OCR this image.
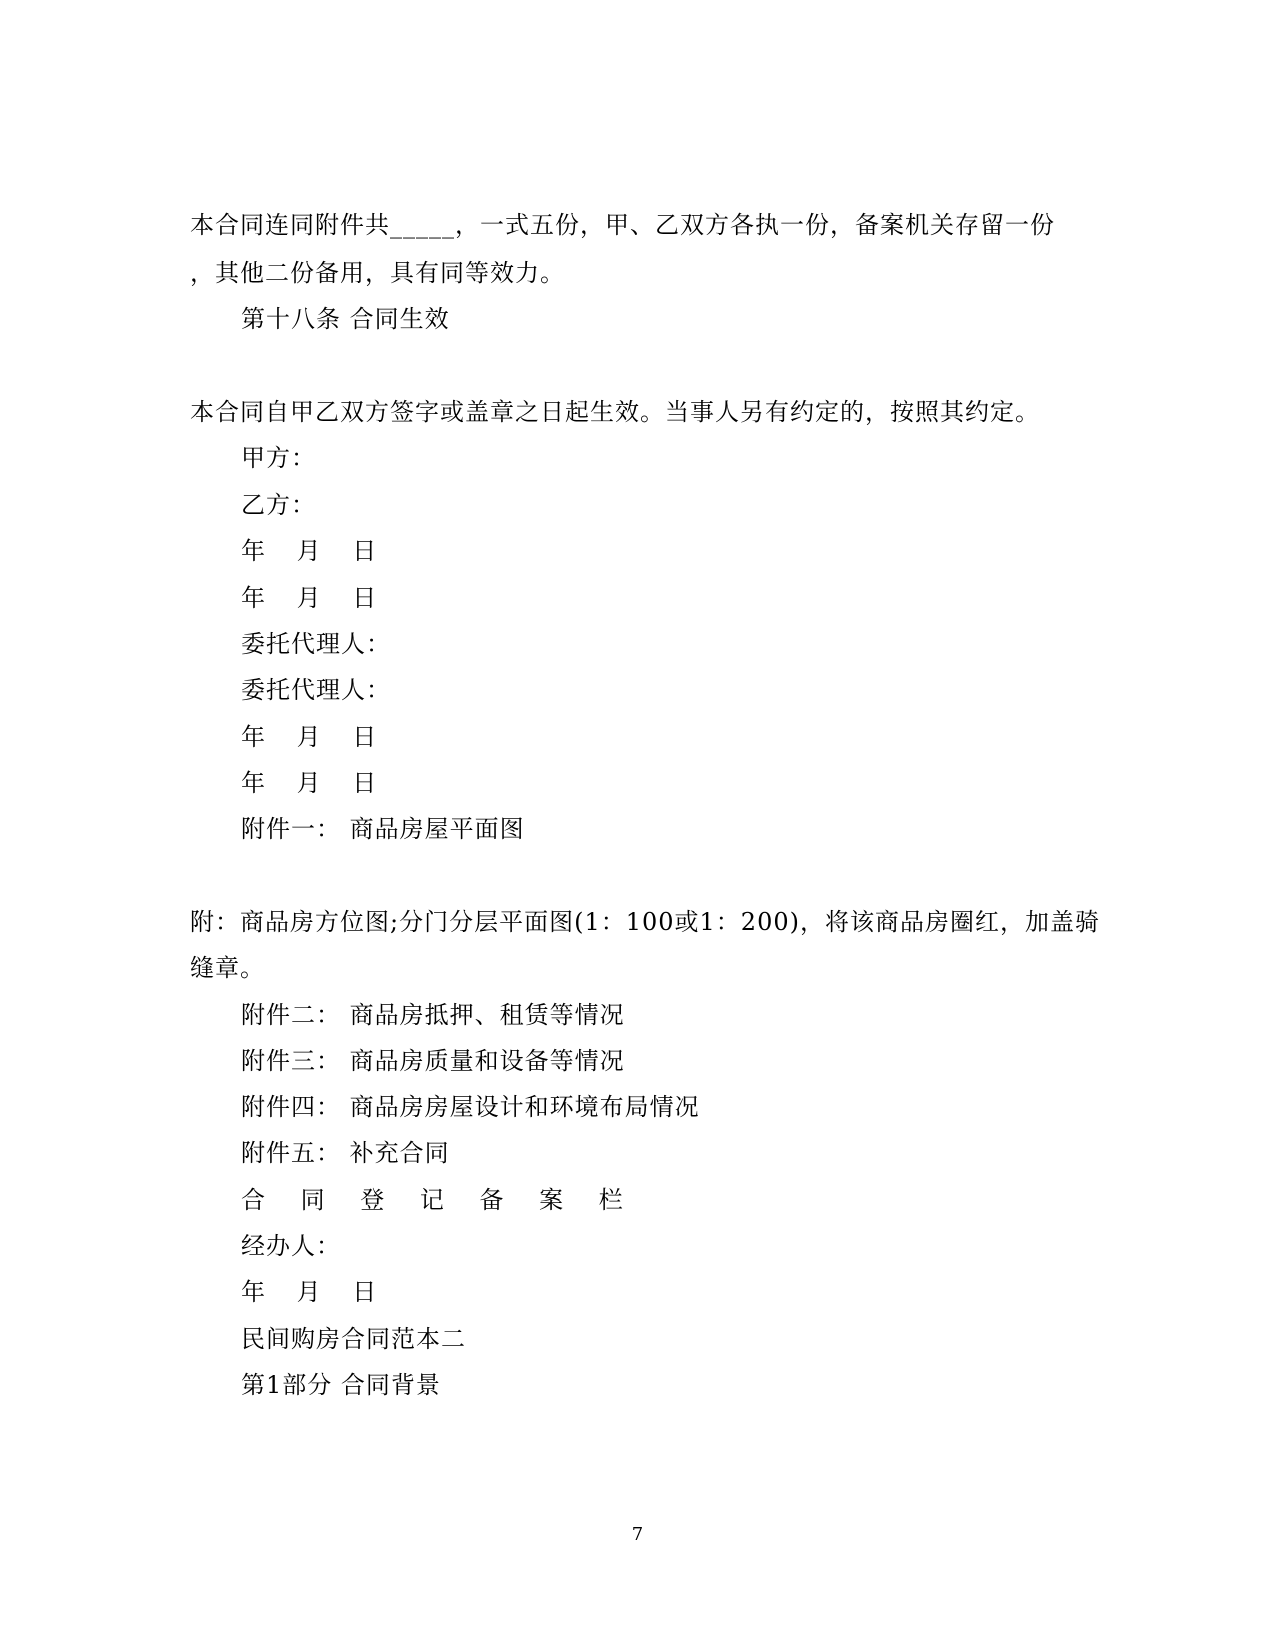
本合同连同附件共_____，一式五份，甲、乙双方各执一份，备案机关存留一份
，其他二份备用，具有同等效力。
第十八条 合同生效
本合同自甲乙双方签字或盖章之日起生效。当事人另有约定的，按照其约定。
甲方：
乙方：
年 月 日
年 月 日
委托代理人：
委托代理人：
年 月 日
年 月 日
附件一： 商品房屋平面图
附：商品房方位图;分门分层平面图(1：100或1：200)，将该商品房圈红，加盖骑
缝章。
附件二： 商品房抵押、租赁等情况
附件三： 商品房质量和设备等情况
附件四： 商品房房屋设计和环境布局情况
附件五： 补充合同
合 同 登 记 备 案 栏
经办人：
年 月 日
民间购房合同范本二
第1部分 合同背景
7
